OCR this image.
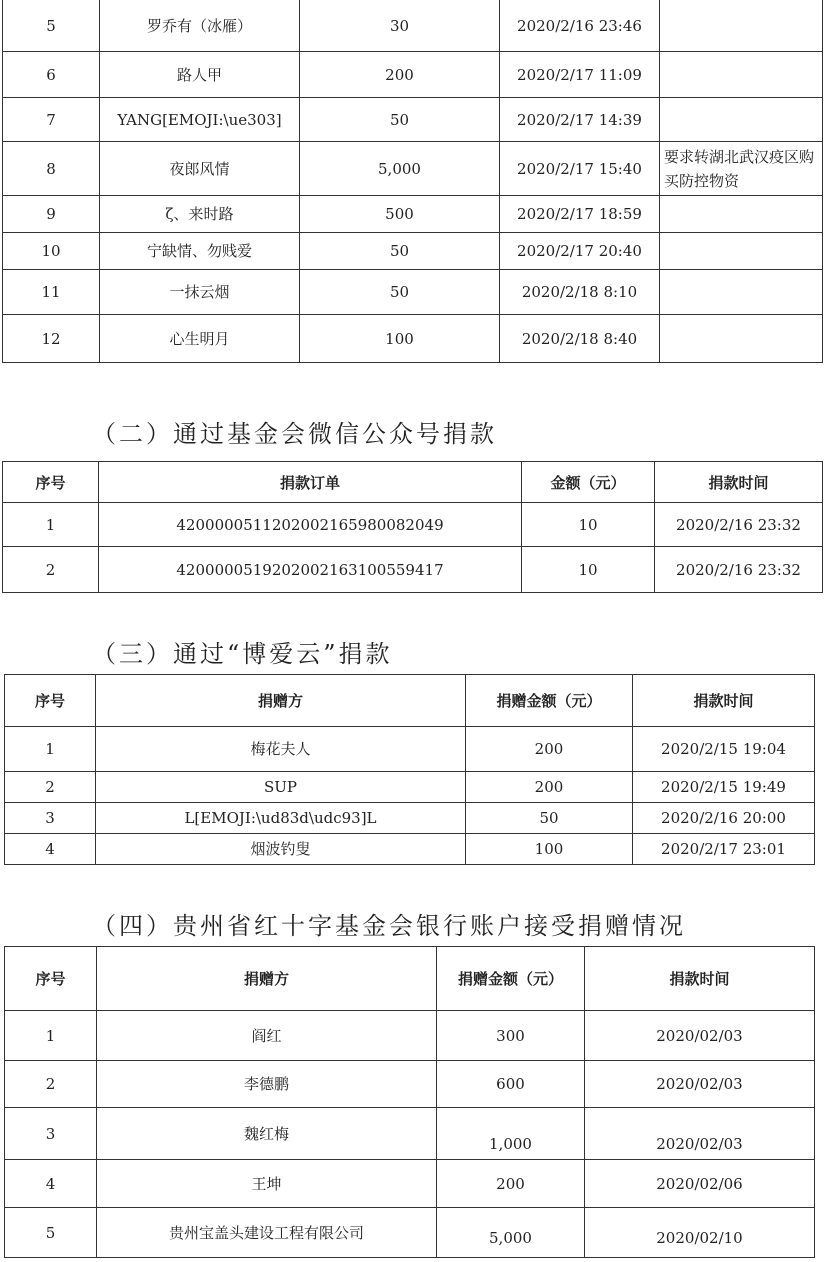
5	罗乔有（冰雁）	30	2020/2/16 23:46	
6	路人甲	200	2020/2/17 11:09	
7	YANG[EMOJI:\ue303]	50	2020/2/17 14:39	
8	夜郎风情	5,000	2020/2/17 15:40	要求转湖北武汉疫区购买防控物资
9	ζ、来时路	500	2020/2/17 18:59	
10	宁缺情、勿贱爱	50	2020/2/17 20:40	
11	一抹云烟	50	2020/2/18 8:10	
12	心生明月	100	2020/2/18 8:40	
（二）通过基金会微信公众号捐款
序号	捐款订单	金额（元）	捐款时间
1	4200000511202002165980082049	10	2020/2/16 23:32
2	4200000519202002163100559417	10	2020/2/16 23:32
（三）通过“博爱云”捐款
序号	捐赠方	捐赠金额（元）	捐款时间
1	梅花夫人	200	2020/2/15 19:04
2	SUP	200	2020/2/15 19:49
3	L[EMOJI:\ud83d\udc93]L	50	2020/2/16 20:00
4	烟波钓叟	100	2020/2/17 23:01
（四）贵州省红十字基金会银行账户接受捐赠情况
序号	捐赠方	捐赠金额（元）	捐款时间
1	阎红	300	2020/02/03
2	李德鹏	600	2020/02/03
3	魏红梅	1,000	2020/02/03
4	王坤	200	2020/02/06
5	贵州宝盖头建设工程有限公司	5,000	2020/02/10
